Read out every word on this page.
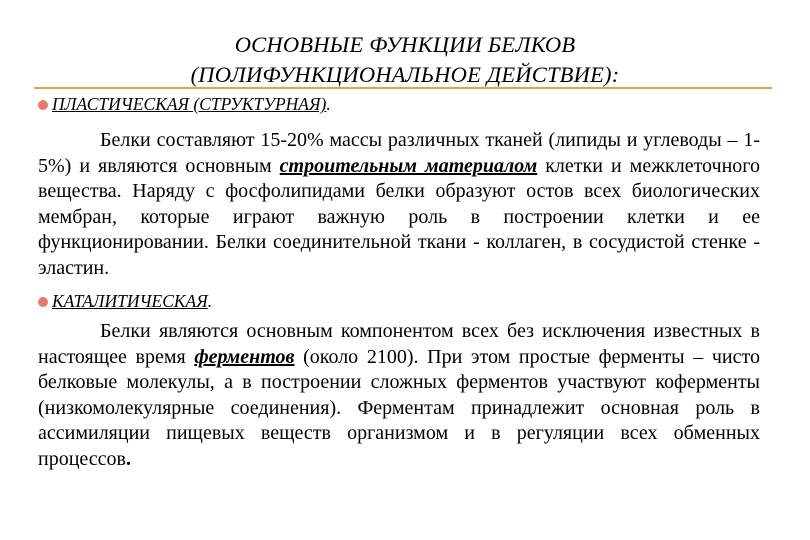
ОСНОВНЫЕ ФУНКЦИИ БЕЛКОВ
(ПОЛИФУНКЦИОНАЛЬНОЕ ДЕЙСТВИЕ):
ПЛАСТИЧЕСКАЯ (СТРУКТУРНАЯ) .
Белки составляют 15-20% массы различных тканей (липиды и углеводы – 1-5%) и являются основным строительным материалом клетки и межклеточного вещества. Наряду с фосфолипидами белки образуют остов всех биологических мембран, которые играют важную роль в построении клетки и ее функционировании. Белки соединительной ткани - коллаген, в сосудистой стенке - эластин.
КАТАЛИТИЧЕСКАЯ .
Белки являются основным компонентом всех без исключения известных в настоящее время ферментов (около 2100). При этом простые ферменты – чисто белковые молекулы, а в построении сложных ферментов участвуют коферменты (низкомолекулярные соединения). Ферментам принадлежит основная роль в ассимиляции пищевых веществ организмом и в регуляции всех обменных процессов.
